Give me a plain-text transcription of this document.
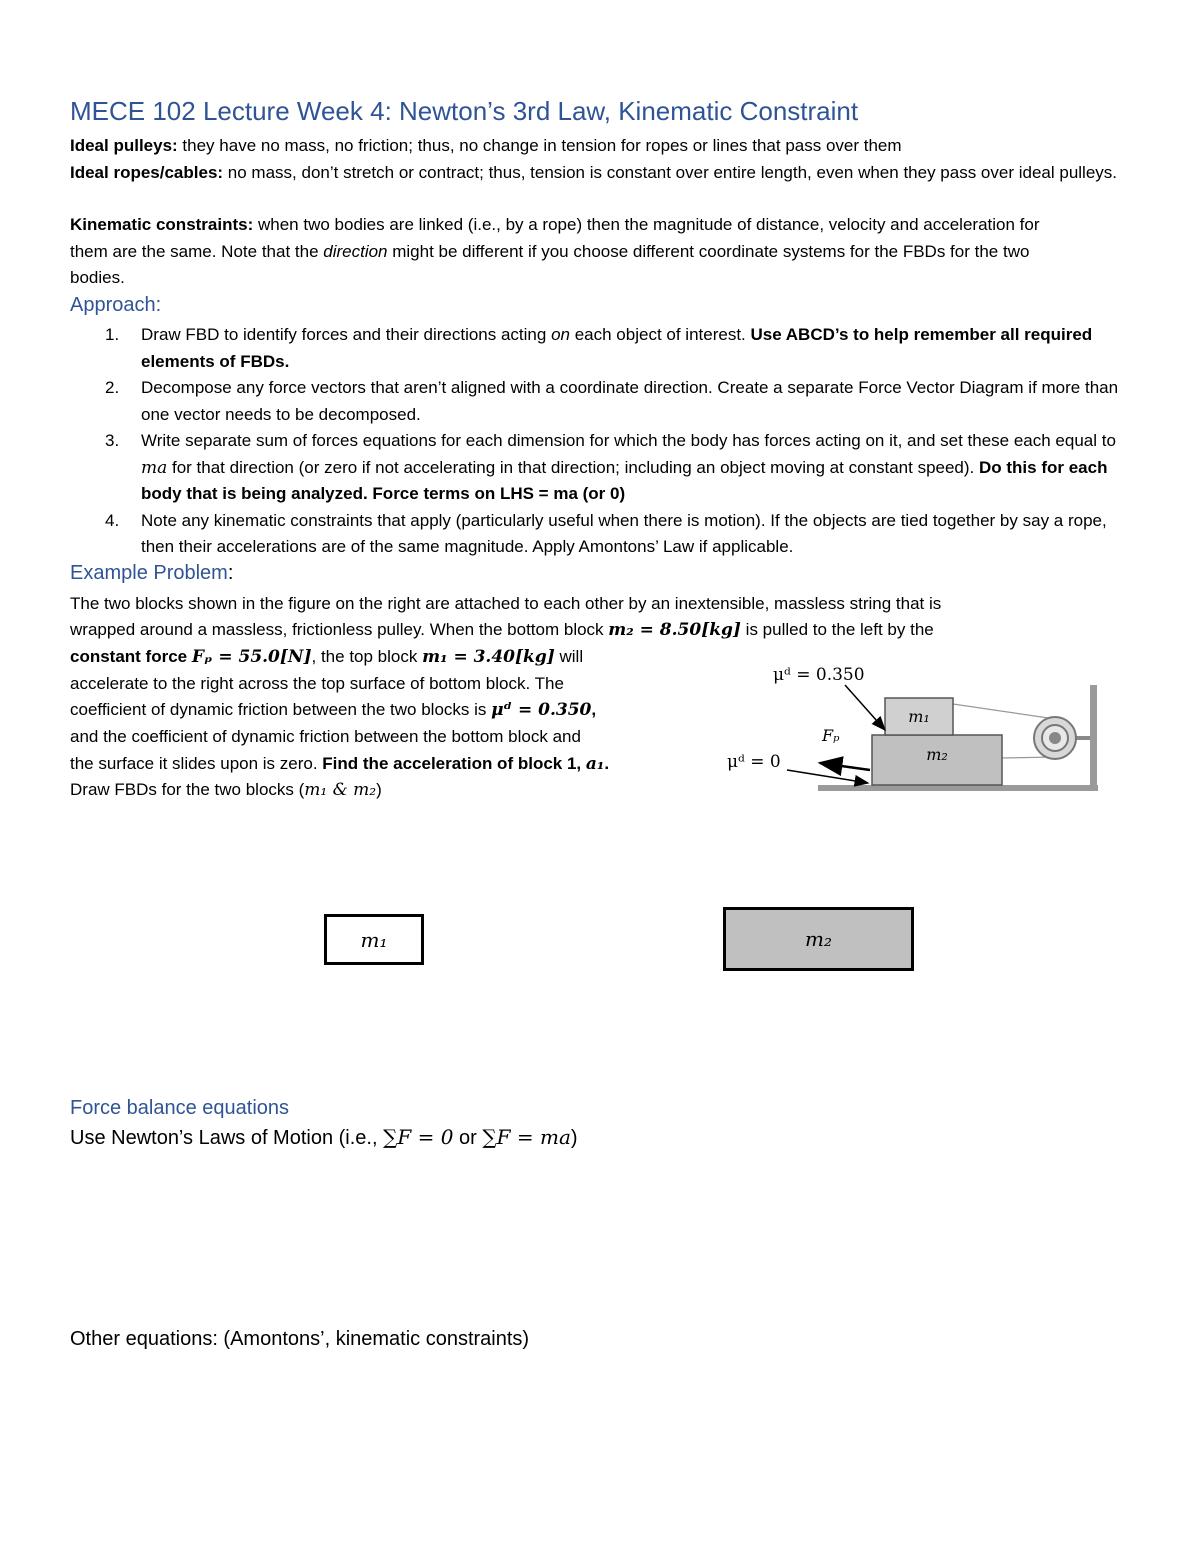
MECE 102 Lecture Week 4: Newton’s 3rd Law, Kinematic Constraint
Ideal pulleys: they have no mass, no friction; thus, no change in tension for ropes or lines that pass over them
Ideal ropes/cables: no mass, don’t stretch or contract; thus, tension is constant over entire length, even when they pass over ideal pulleys.
Kinematic constraints: when two bodies are linked (i.e., by a rope) then the magnitude of distance, velocity and acceleration for them are the same. Note that the direction might be different if you choose different coordinate systems for the FBDs for the two bodies.
Approach:
1. Draw FBD to identify forces and their directions acting on each object of interest. Use ABCD’s to help remember all required elements of FBDs.
2. Decompose any force vectors that aren’t aligned with a coordinate direction. Create a separate Force Vector Diagram if more than one vector needs to be decomposed.
3. Write separate sum of forces equations for each dimension for which the body has forces acting on it, and set these each equal to ma for that direction (or zero if not accelerating in that direction; including an object moving at constant speed). Do this for each body that is being analyzed. Force terms on LHS = ma (or 0)
4. Note any kinematic constraints that apply (particularly useful when there is motion). If the objects are tied together by say a rope, then their accelerations are of the same magnitude. Apply Amontons’ Law if applicable.
Example Problem:
The two blocks shown in the figure on the right are attached to each other by an inextensible, massless string that is
wrapped around a massless, frictionless pulley. When the bottom block m₂ = 8.50[kg] is pulled to the left by the
constant force Fₚ = 55.0[N], the top block m₁ = 3.40[kg] will
accelerate to the right across the top surface of bottom block. The
coefficient of dynamic friction between the two blocks is μᵈ = 0.350,
and the coefficient of dynamic friction between the bottom block and
the surface it slides upon is zero. Find the acceleration of block 1, a₁.
Draw FBDs for the two blocks (m₁ & m₂)
m₂
m₁
Fₚ
μᵈ = 0.350
μᵈ = 0
m₁	m₂
Force balance equations
Use Newton’s Laws of Motion (i.e., ∑F = 0 or ∑F = ma)
Other equations: (Amontons’, kinematic constraints)
